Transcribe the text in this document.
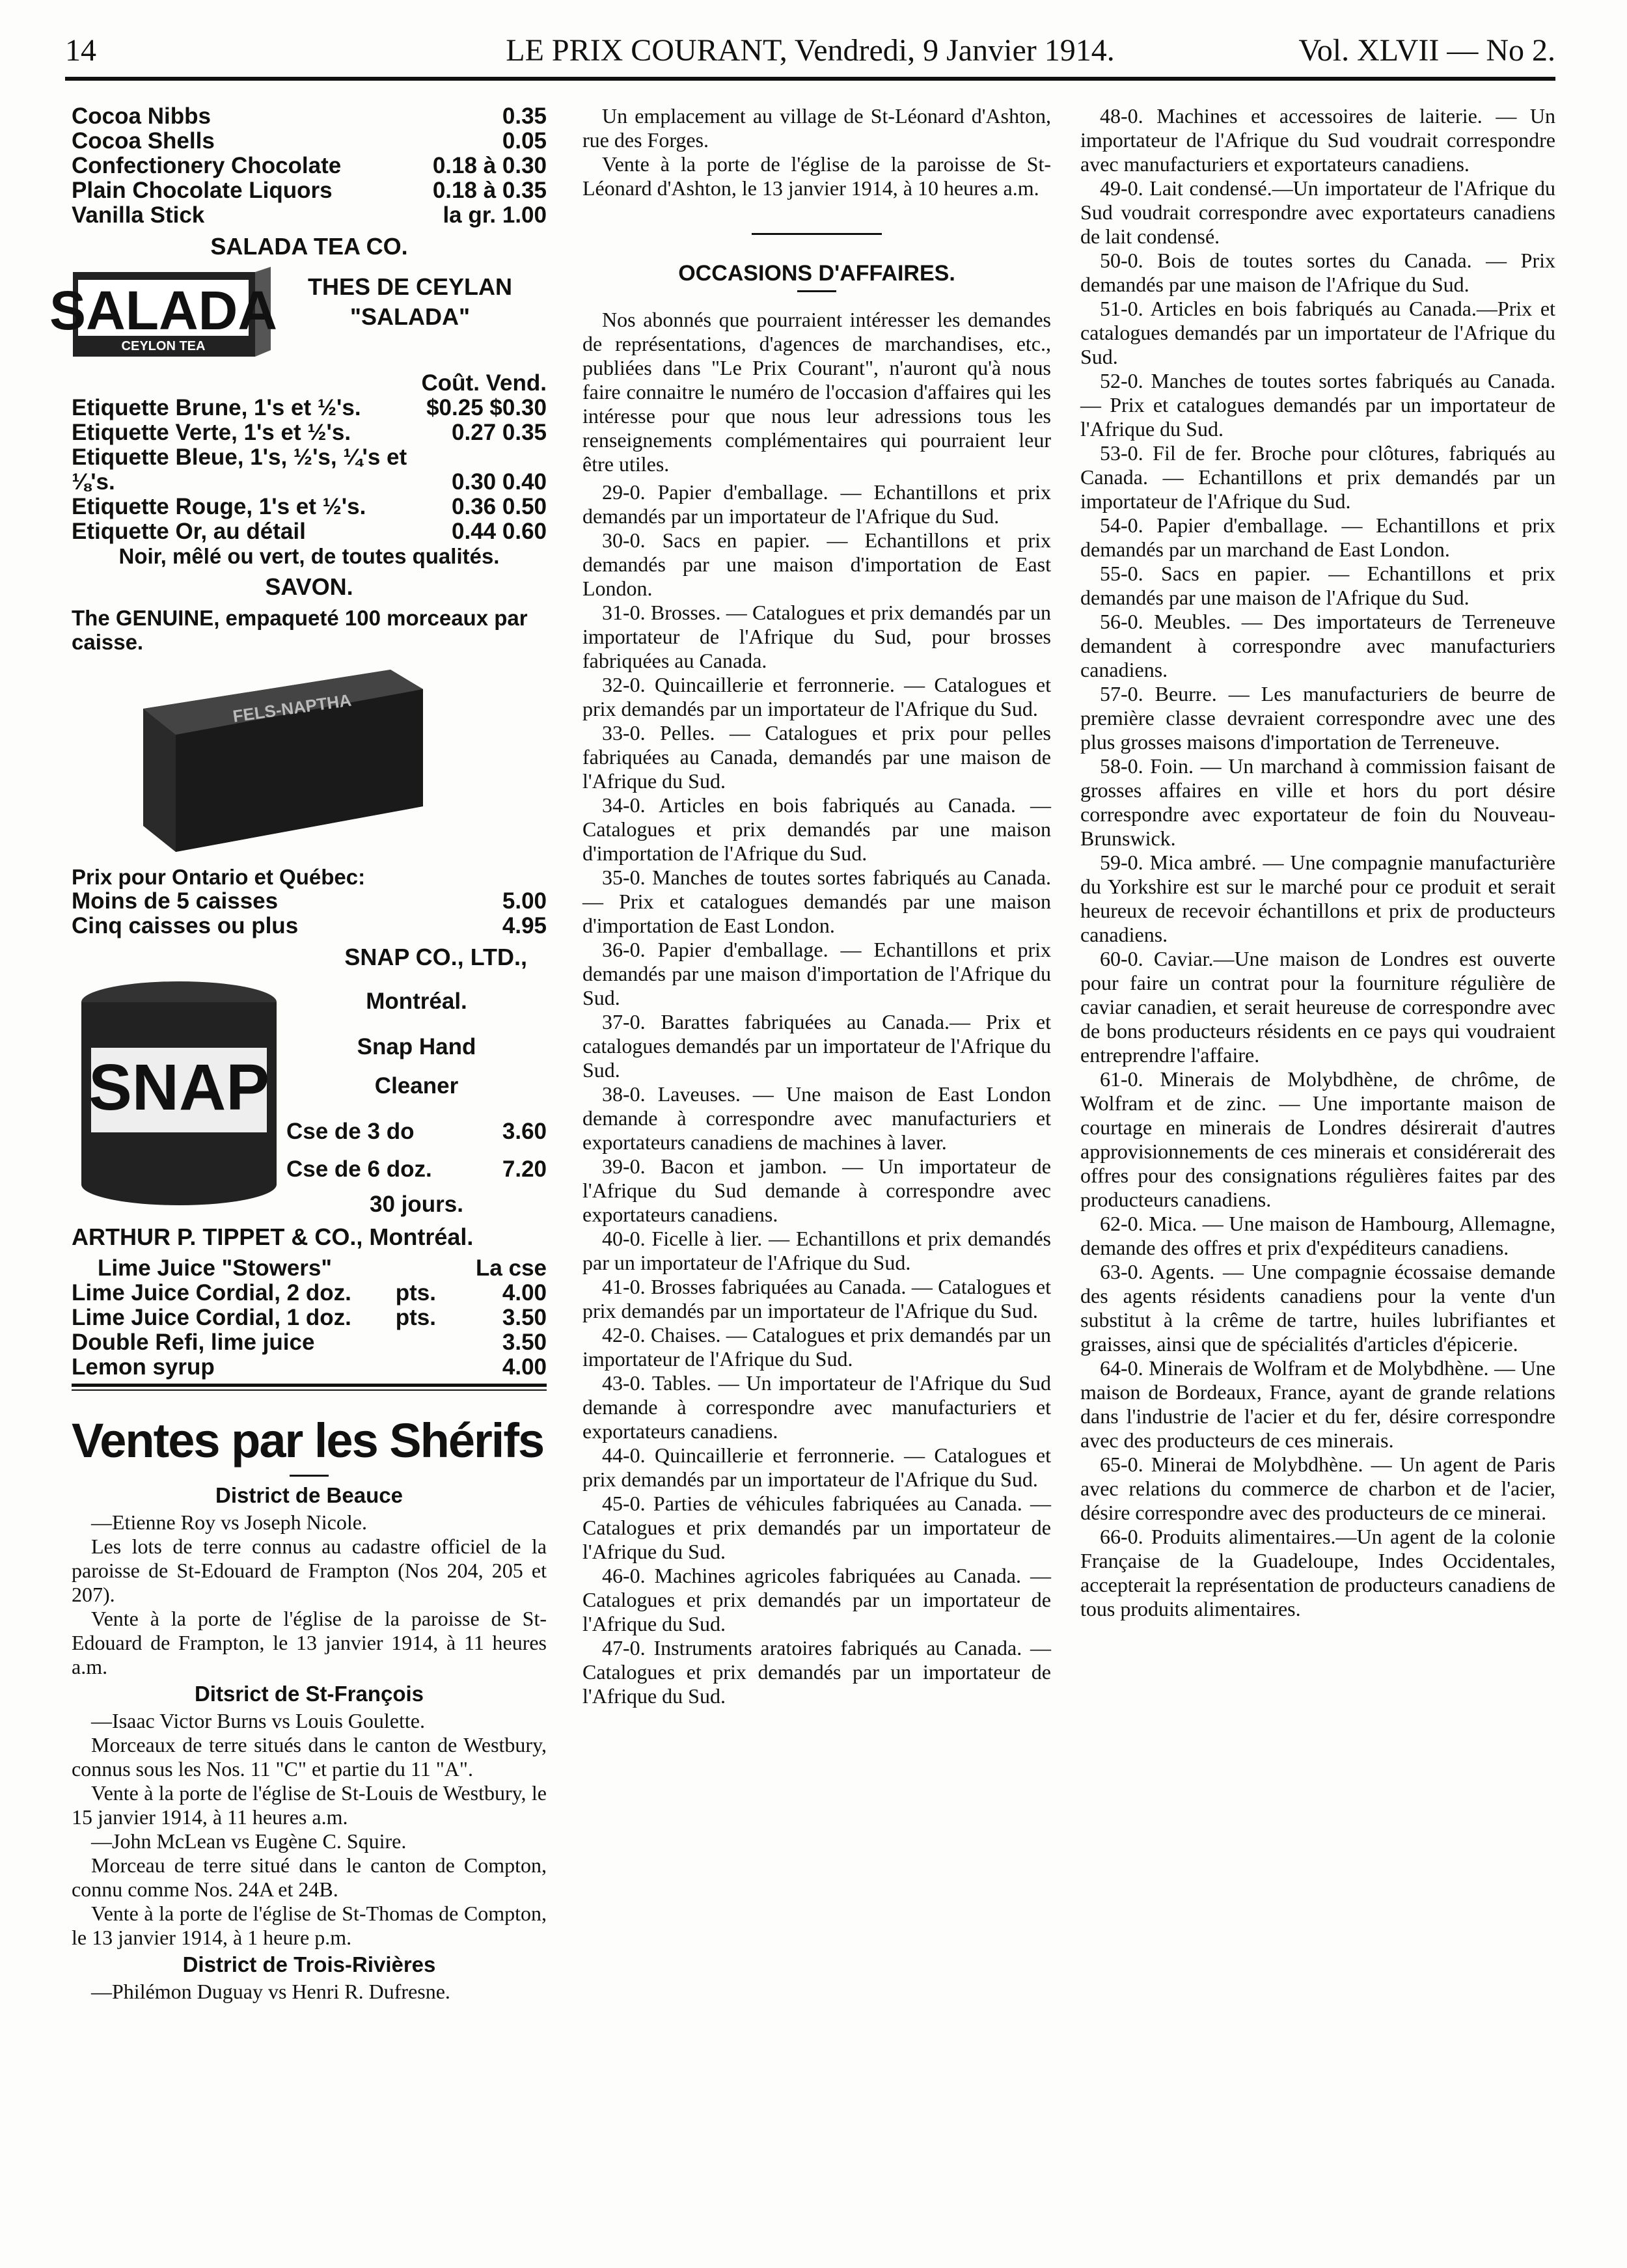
14	LE PRIX COURANT, Vendredi, 9 Janvier 1914.	Vol. XLVII — No 2.
Cocoa Nibbs	0.35
Cocoa Shells	0.05
Confectionery Chocolate	0.18 à 0.30
Plain Chocolate Liquors	0.18 à 0.35
Vanilla Stick	la gr. 1.00
SALADA TEA CO.
SALADA
CEYLON TEA
THES DE CEYLAN
"SALADA"
Coût. Vend.
Etiquette Brune, 1's et ½'s.	$0.25 $0.30
Etiquette Verte, 1's et ½'s.	0.27 0.35
Etiquette Bleue, 1's, ½'s, ¼'s et
⅛'s.	0.30 0.40
Etiquette Rouge, 1's et ½'s.	0.36 0.50
Etiquette Or, au détail	0.44 0.60
Noir, mêlé ou vert, de toutes qualités.
SAVON.
The GENUINE, empaqueté 100 morceaux par caisse.
FELS-NAPTHA
Prix pour Ontario et Québec:
Moins de 5 caisses	5.00
Cinq caisses ou plus	4.95
SNAP CO., LTD.,
SNAP
Montréal.
Snap Hand
Cleaner
Cse de 3 do	3.60
Cse de 6 doz.	7.20
30 jours.
ARTHUR P. TIPPET & CO., Montréal.
Lime Juice "Stowers"	La cse
Lime Juice Cordial, 2 doz.	pts.	4.00
Lime Juice Cordial, 1 doz.	pts.	3.50
Double Refi, lime juice	3.50
Lemon syrup	4.00
Ventes par les Shérifs
District de Beauce

—Etienne Roy vs Joseph Nicole.

Les lots de terre connus au cadastre officiel de la paroisse de St-Edouard de Frampton (Nos 204, 205 et 207).

Vente à la porte de l'église de la paroisse de St-Edouard de Frampton, le 13 janvier 1914, à 11 heures a.m.

Ditsrict de St-François

—Isaac Victor Burns vs Louis Goulette.

Morceaux de terre situés dans le canton de Westbury, connus sous les Nos. 11 "C" et partie du 11 "A".

Vente à la porte de l'église de St-Louis de Westbury, le 15 janvier 1914, à 11 heures a.m.

—John McLean vs Eugène C. Squire.

Morceau de terre situé dans le canton de Compton, connu comme Nos. 24A et 24B.

Vente à la porte de l'église de St-Thomas de Compton, le 13 janvier 1914, à 1 heure p.m.

District de Trois-Rivières

—Philémon Duguay vs Henri R. Dufresne.

Un emplacement au village de St-Léonard d'Ashton, rue des Forges.

Vente à la porte de l'église de la paroisse de St-Léonard d'Ashton, le 13 janvier 1914, à 10 heures a.m.

OCCASIONS D'AFFAIRES.

Nos abonnés que pourraient intéresser les demandes de représentations, d'agences de marchandises, etc., publiées dans "Le Prix Courant", n'auront qu'à nous faire connaitre le numéro de l'occasion d'affaires qui les intéresse pour que nous leur adressions tous les renseignements complémentaires qui pourraient leur être utiles.

29-0. Papier d'emballage. — Echantillons et prix demandés par un importateur de l'Afrique du Sud.

30-0. Sacs en papier. — Echantillons et prix demandés par une maison d'importation de East London.

31-0. Brosses. — Catalogues et prix demandés par un importateur de l'Afrique du Sud, pour brosses fabriquées au Canada.

32-0. Quincaillerie et ferronnerie. — Catalogues et prix demandés par un importateur de l'Afrique du Sud.

33-0. Pelles. — Catalogues et prix pour pelles fabriquées au Canada, demandés par une maison de l'Afrique du Sud.

34-0. Articles en bois fabriqués au Canada. — Catalogues et prix demandés par une maison d'importation de l'Afrique du Sud.

35-0. Manches de toutes sortes fabriqués au Canada. — Prix et catalogues demandés par une maison d'importation de East London.

36-0. Papier d'emballage. — Echantillons et prix demandés par une maison d'importation de l'Afrique du Sud.

37-0. Barattes fabriquées au Canada.— Prix et catalogues demandés par un importateur de l'Afrique du Sud.

38-0. Laveuses. — Une maison de East London demande à correspondre avec manufacturiers et exportateurs canadiens de machines à laver.

39-0. Bacon et jambon. — Un importateur de l'Afrique du Sud demande à correspondre avec exportateurs canadiens.

40-0. Ficelle à lier. — Echantillons et prix demandés par un importateur de l'Afrique du Sud.

41-0. Brosses fabriquées au Canada. — Catalogues et prix demandés par un importateur de l'Afrique du Sud.

42-0. Chaises. — Catalogues et prix demandés par un importateur de l'Afrique du Sud.

43-0. Tables. — Un importateur de l'Afrique du Sud demande à correspondre avec manufacturiers et exportateurs canadiens.

44-0. Quincaillerie et ferronnerie. — Catalogues et prix demandés par un importateur de l'Afrique du Sud.

45-0. Parties de véhicules fabriquées au Canada. — Catalogues et prix demandés par un importateur de l'Afrique du Sud.

46-0. Machines agricoles fabriquées au Canada. — Catalogues et prix demandés par un importateur de l'Afrique du Sud.

47-0. Instruments aratoires fabriqués au Canada. — Catalogues et prix demandés par un importateur de l'Afrique du Sud.

48-0. Machines et accessoires de laiterie. — Un importateur de l'Afrique du Sud voudrait correspondre avec manufacturiers et exportateurs canadiens.

49-0. Lait condensé.—Un importateur de l'Afrique du Sud voudrait correspondre avec exportateurs canadiens de lait condensé.

50-0. Bois de toutes sortes du Canada. — Prix demandés par une maison de l'Afrique du Sud.

51-0. Articles en bois fabriqués au Canada.—Prix et catalogues demandés par un importateur de l'Afrique du Sud.

52-0. Manches de toutes sortes fabriqués au Canada. — Prix et catalogues demandés par un importateur de l'Afrique du Sud.

53-0. Fil de fer. Broche pour clôtures, fabriqués au Canada. — Echantillons et prix demandés par un importateur de l'Afrique du Sud.

54-0. Papier d'emballage. — Echantillons et prix demandés par un marchand de East London.

55-0. Sacs en papier. — Echantillons et prix demandés par une maison de l'Afrique du Sud.

56-0. Meubles. — Des importateurs de Terreneuve demandent à correspondre avec manufacturiers canadiens.

57-0. Beurre. — Les manufacturiers de beurre de première classe devraient correspondre avec une des plus grosses maisons d'importation de Terreneuve.

58-0. Foin. — Un marchand à commission faisant de grosses affaires en ville et hors du port désire correspondre avec exportateur de foin du Nouveau-Brunswick.

59-0. Mica ambré. — Une compagnie manufacturière du Yorkshire est sur le marché pour ce produit et serait heureux de recevoir échantillons et prix de producteurs canadiens.

60-0. Caviar.—Une maison de Londres est ouverte pour faire un contrat pour la fourniture régulière de caviar canadien, et serait heureuse de correspondre avec de bons producteurs résidents en ce pays qui voudraient entreprendre l'affaire.

61-0. Minerais de Molybdhène, de chrôme, de Wolfram et de zinc. — Une importante maison de courtage en minerais de Londres désirerait d'autres approvisionnements de ces minerais et considérerait des offres pour des consignations régulières faites par des producteurs canadiens.

62-0. Mica. — Une maison de Hambourg, Allemagne, demande des offres et prix d'expéditeurs canadiens.

63-0. Agents. — Une compagnie écossaise demande des agents résidents canadiens pour la vente d'un substitut à la crême de tartre, huiles lubrifiantes et graisses, ainsi que de spécialités d'articles d'épicerie.

64-0. Minerais de Wolfram et de Molybdhène. — Une maison de Bordeaux, France, ayant de grande relations dans l'industrie de l'acier et du fer, désire correspondre avec des producteurs de ces minerais.

65-0. Minerai de Molybdhène. — Un agent de Paris avec relations du commerce de charbon et de l'acier, désire correspondre avec des producteurs de ce minerai.

66-0. Produits alimentaires.—Un agent de la colonie Française de la Guadeloupe, Indes Occidentales, accepterait la représentation de producteurs canadiens de tous produits alimentaires.
